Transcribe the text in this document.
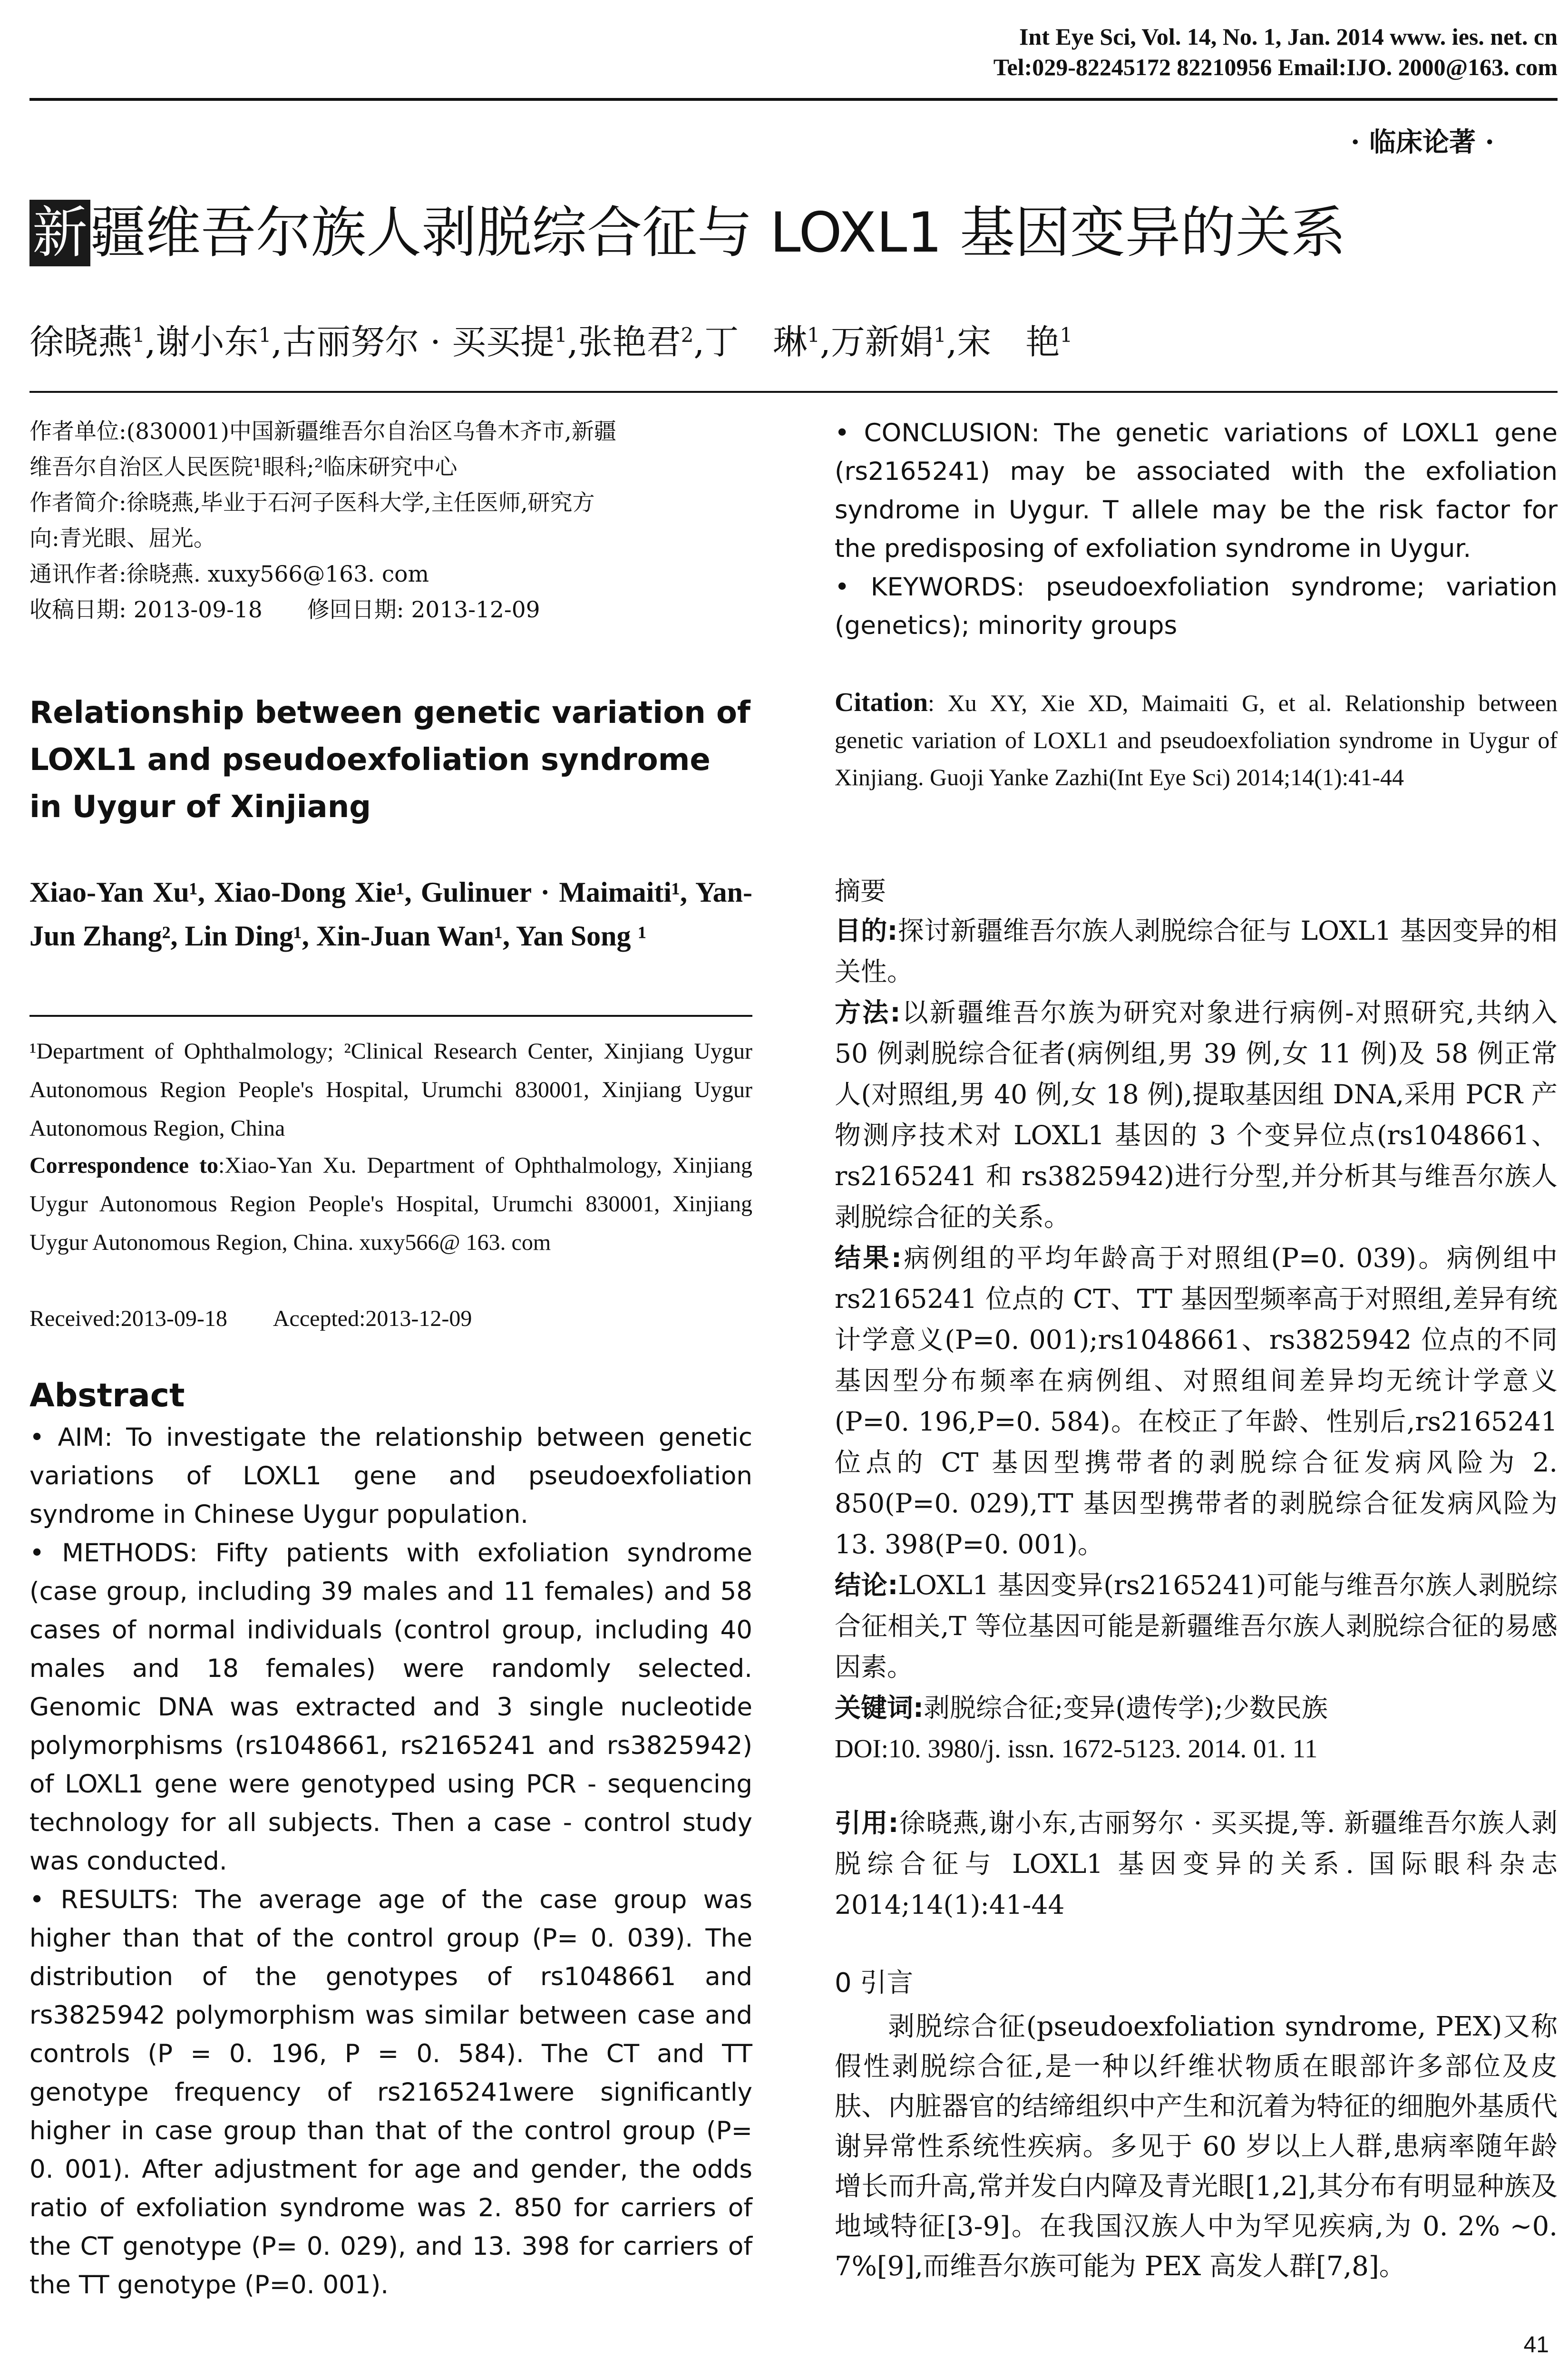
Int Eye Sci, Vol. 14, No. 1, Jan. 2014 www. ies. net. cn
Tel:029-82245172 82210956 Email:IJO. 2000@163. com
· 临床论著 ·
新疆维吾尔族人剥脱综合征与 LOXL1 基因变异的关系
徐晓燕$^1$,谢小东$^1$,古丽努尔 · 买买提$^1$,张艳君$^2$,丁　琳$^1$,万新娟$^1$,宋　艳$^1$

作者单位:(830001)中国新疆维吾尔自治区乌鲁木齐市,新疆

维吾尔自治区人民医院¹眼科;²临床研究中心

作者简介:徐晓燕,毕业于石河子医科大学,主任医师,研究方

向:青光眼、屈光。

通讯作者:徐晓燕. xuxy566@163. com

收稿日期: 2013-09-18　　修回日期: 2013-12-09

Relationship between genetic variation of LOXL1 and pseudoexfoliation syndrome in Uygur of Xinjiang

Xiao-Yan Xu¹, Xiao-Dong Xie¹, Gulinuer · Maimaiti¹, Yan-Jun Zhang², Lin Ding¹, Xin-Juan Wan¹, Yan Song ¹

¹Department of Ophthalmology; ²Clinical Research Center, Xinjiang Uygur Autonomous Region People's Hospital, Urumchi 830001, Xinjiang Uygur Autonomous Region, China

Correspondence to:Xiao-Yan Xu. Department of Ophthalmology, Xinjiang Uygur Autonomous Region People's Hospital, Urumchi 830001, Xinjiang Uygur Autonomous Region, China. xuxy566@ 163. com

Received:2013-09-18　　Accepted:2013-12-09

Abstract

• AIM: To investigate the relationship between genetic variations of LOXL1 gene and pseudoexfoliation syndrome in Chinese Uygur population.

• METHODS: Fifty patients with exfoliation syndrome (case group, including 39 males and 11 females) and 58 cases of normal individuals (control group, including 40 males and 18 females) were randomly selected. Genomic DNA was extracted and 3 single nucleotide polymorphisms (rs1048661, rs2165241 and rs3825942) of LOXL1 gene were genotyped using PCR - sequencing technology for all subjects. Then a case - control study was conducted.

• RESULTS: The average age of the case group was higher than that of the control group (P= 0. 039). The distribution of the genotypes of rs1048661 and rs3825942 polymorphism was similar between case and controls (P = 0. 196, P = 0. 584). The CT and TT genotype frequency of rs2165241were significantly higher in case group than that of the control group (P= 0. 001). After adjustment for age and gender, the odds ratio of exfoliation syndrome was 2. 850 for carriers of the CT genotype (P= 0. 029), and 13. 398 for carriers of the TT genotype (P=0. 001).

• CONCLUSION: The genetic variations of LOXL1 gene (rs2165241) may be associated with the exfoliation syndrome in Uygur. T allele may be the risk factor for the predisposing of exfoliation syndrome in Uygur.

• KEYWORDS: pseudoexfoliation syndrome; variation (genetics); minority groups

Citation: Xu XY, Xie XD, Maimaiti G, et al. Relationship between genetic variation of LOXL1 and pseudoexfoliation syndrome in Uygur of Xinjiang. Guoji Yanke Zazhi(Int Eye Sci) 2014;14(1):41-44

摘要

目的:探讨新疆维吾尔族人剥脱综合征与 LOXL1 基因变异的相关性。

方法:以新疆维吾尔族为研究对象进行病例-对照研究,共纳入 50 例剥脱综合征者(病例组,男 39 例,女 11 例)及 58 例正常人(对照组,男 40 例,女 18 例),提取基因组 DNA,采用 PCR 产物测序技术对 LOXL1 基因的 3 个变异位点(rs1048661、rs2165241 和 rs3825942)进行分型,并分析其与维吾尔族人剥脱综合征的关系。

结果:病例组的平均年龄高于对照组(P=0. 039)。病例组中 rs2165241 位点的 CT、TT 基因型频率高于对照组,差异有统计学意义(P=0. 001);rs1048661、rs3825942 位点的不同基因型分布频率在病例组、对照组间差异均无统计学意义(P=0. 196,P=0. 584)。在校正了年龄、性别后,rs2165241 位点的 CT 基因型携带者的剥脱综合征发病风险为 2. 850(P=0. 029),TT 基因型携带者的剥脱综合征发病风险为 13. 398(P=0. 001)。

结论:LOXL1 基因变异(rs2165241)可能与维吾尔族人剥脱综合征相关,T 等位基因可能是新疆维吾尔族人剥脱综合征的易感因素。

关键词:剥脱综合征;变异(遗传学);少数民族

DOI:10. 3980/j. issn. 1672-5123. 2014. 01. 11

引用:徐晓燕,谢小东,古丽努尔 · 买买提,等. 新疆维吾尔族人剥脱综合征与 LOXL1 基因变异的关系. 国际眼科杂志 2014;14(1):41-44

0 引言

剥脱综合征(pseudoexfoliation syndrome, PEX)又称假性剥脱综合征,是一种以纤维状物质在眼部许多部位及皮肤、内脏器官的结缔组织中产生和沉着为特征的细胞外基质代谢异常性系统性疾病。多见于 60 岁以上人群,患病率随年龄增长而升高,常并发白内障及青光眼[1,2],其分布有明显种族及地域特征[3-9]。在我国汉族人中为罕见疾病,为 0. 2% ~0. 7%[9],而维吾尔族可能为 PEX 高发人群[7,8]。

41
